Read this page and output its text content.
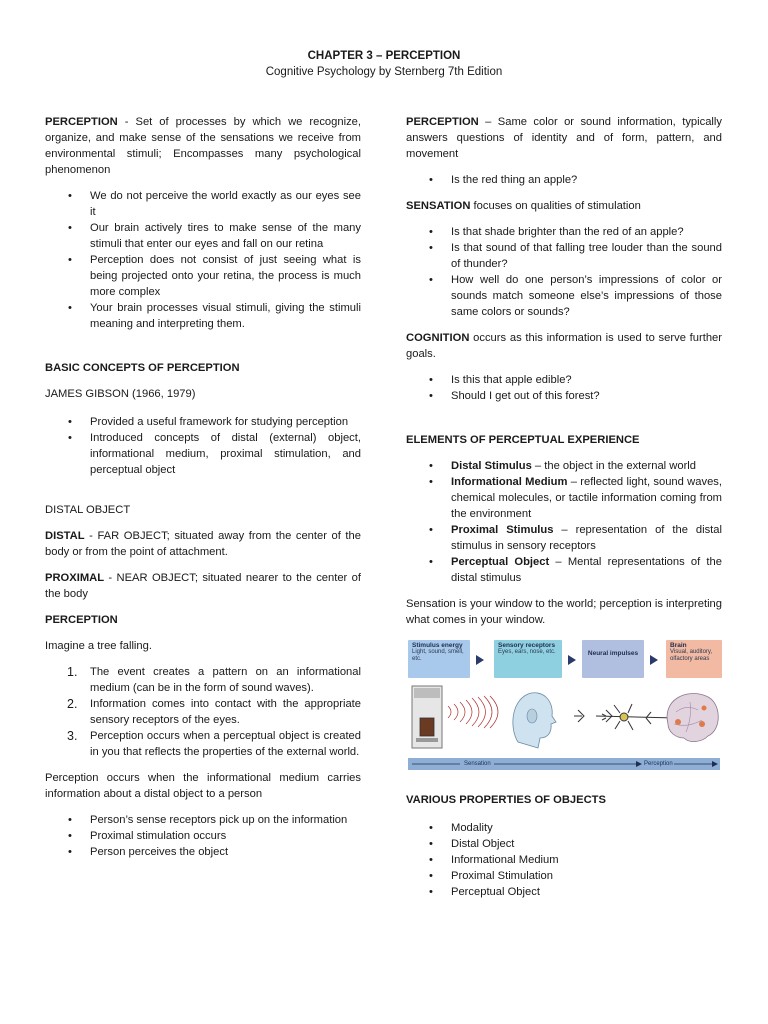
CHAPTER 3 – PERCEPTION
Cognitive Psychology by Sternberg 7th Edition

PERCEPTION - Set of processes by which we recognize, organize, and make sense of the sensations we receive from environmental stimuli; Encompasses many psychological phenomenon

• We do not perceive the world exactly as our eyes see it
• Our brain actively tires to make sense of the many stimuli that enter our eyes and fall on our retina
• Perception does not consist of just seeing what is being projected onto your retina, the process is much more complex
• Your brain processes visual stimuli, giving the stimuli meaning and interpreting them.

BASIC CONCEPTS OF PERCEPTION

JAMES GIBSON (1966, 1979)

• Provided a useful framework for studying perception
• Introduced concepts of distal (external) object, informational medium, proximal stimulation, and perceptual object

DISTAL OBJECT

DISTAL - FAR OBJECT; situated away from the center of the body or from the point of attachment.

PROXIMAL - NEAR OBJECT; situated nearer to the center of the body

PERCEPTION

Imagine a tree falling.

1. The event creates a pattern on an informational medium (can be in the form of sound waves).
2. Information comes into contact with the appropriate sensory receptors of the eyes.
3. Perception occurs when a perceptual object is created in you that reflects the properties of the external world.

Perception occurs when the informational medium carries information about a distal object to a person

• Person’s sense receptors pick up on the information
• Proximal stimulation occurs
• Person perceives the object

PERCEPTION – Same color or sound information, typically answers questions of identity and of form, pattern, and movement

• Is the red thing an apple?

SENSATION focuses on qualities of stimulation

• Is that shade brighter than the red of an apple?
• Is that sound of that falling tree louder than the sound of thunder?
• How well do one person’s impressions of color or sounds match someone else’s impressions of those same colors or sounds?

COGNITION occurs as this information is used to serve further goals.

• Is this that apple edible?
• Should I get out of this forest?

ELEMENTS OF PERCEPTUAL EXPERIENCE

• Distal Stimulus – the object in the external world
• Informational Medium – reflected light, sound waves, chemical molecules, or tactile information coming from the environment
• Proximal Stimulus – representation of the distal stimulus in sensory receptors
• Perceptual Object – Mental representations of the distal stimulus

Sensation is your window to the world; perception is interpreting what comes in your window.

Stimulus energy
Light, sound, smell, etc.
Sensory receptors
Eyes, ears, nose, etc.	Neural impulses
Brain
Visual, auditory, olfactory areas
Sensation	Perception

VARIOUS PROPERTIES OF OBJECTS

• Modality
• Distal Object
• Informational Medium
• Proximal Stimulation
• Perceptual Object
